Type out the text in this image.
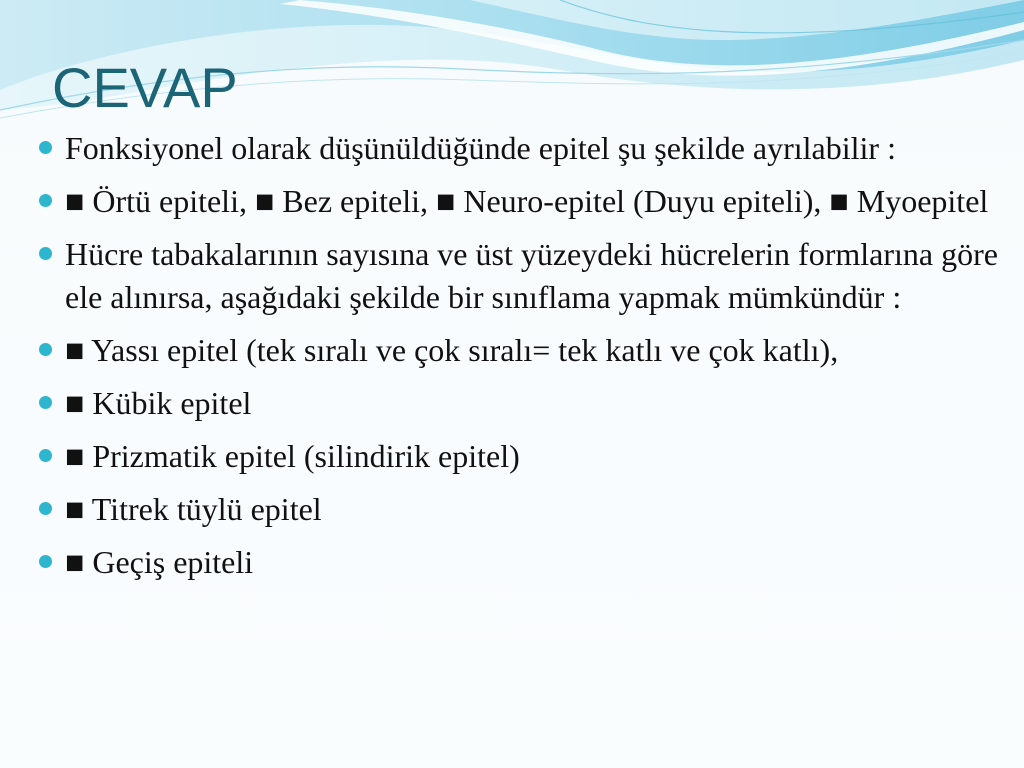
CEVAP
Fonksiyonel olarak düşünüldüğünde epitel şu şekilde ayrılabilir :
■ Örtü epiteli, ■ Bez epiteli, ■ Neuro-epitel (Duyu epiteli), ■ Myoepitel
Hücre tabakalarının sayısına ve üst yüzeydeki hücrelerin formlarına göre ele alınırsa, aşağıdaki şekilde bir sınıflama yapmak mümkündür :
■ Yassı epitel (tek sıralı ve çok sıralı= tek katlı ve çok katlı),
■ Kübik epitel
■ Prizmatik epitel (silindirik epitel)
■ Titrek tüylü epitel
■ Geçiş epiteli
